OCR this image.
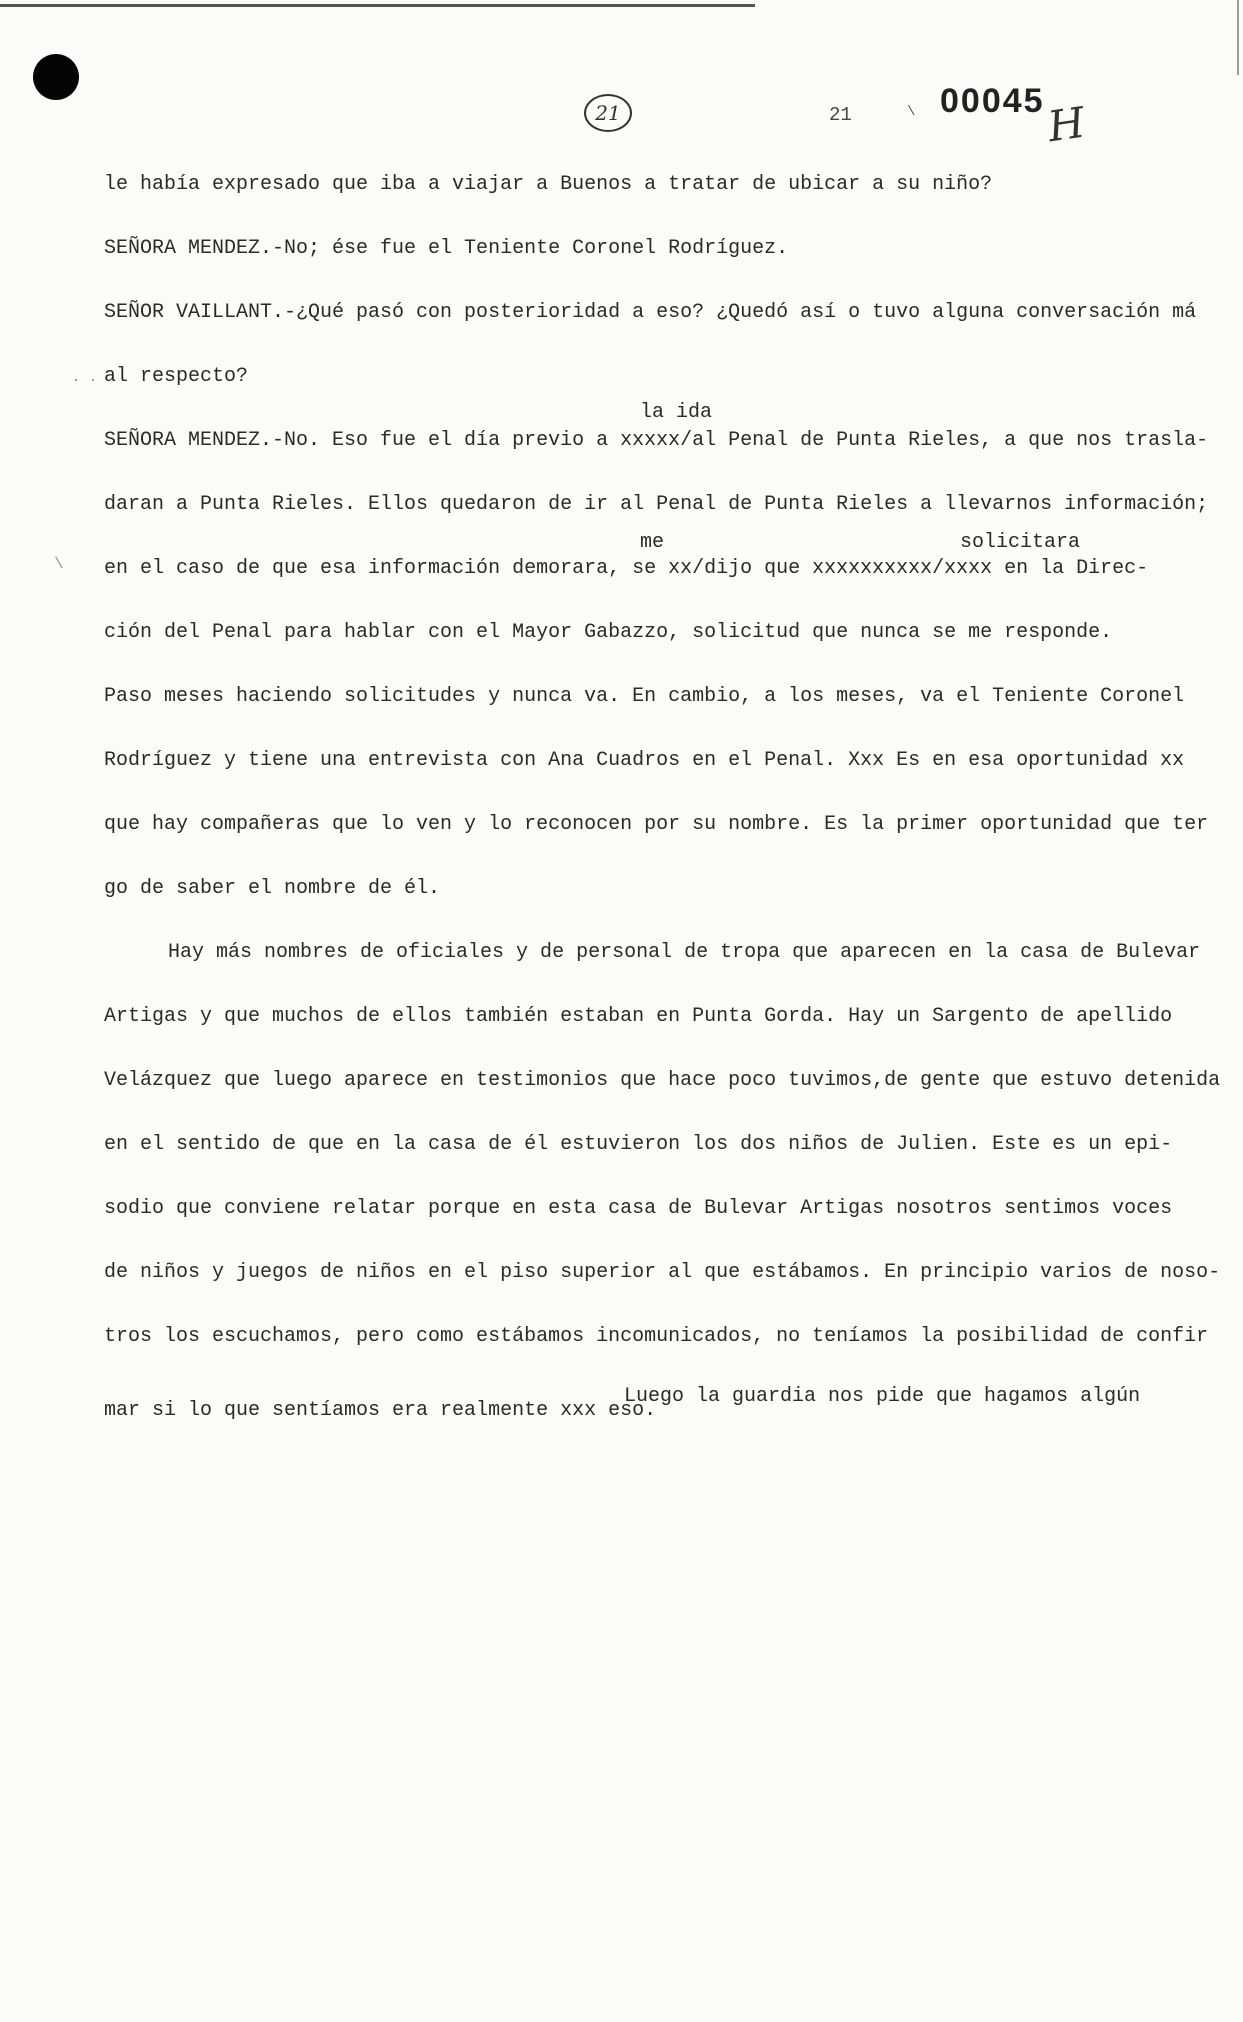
21	21	\ 00045 H
. .
\
le había expresado que iba a viajar a Buenos a tratar de ubicar a su niño?
SEÑORA MENDEZ.-No; ése fue el Teniente Coronel Rodríguez.
SEÑOR VAILLANT.-¿Qué pasó con posterioridad a eso? ¿Quedó así o tuvo alguna conversación má
al respecto?
la ida
SEÑORA MENDEZ.-No. Eso fue el día previo a xxxxx/al Penal de Punta Rieles, a que nos trasla-
daran a Punta Rieles. Ellos quedaron de ir al Penal de Punta Rieles a llevarnos información;
me	solicitara
en el caso de que esa información demorara, se xx/dijo que xxxxxxxxxx/xxxx en la Direc-
ción del Penal para hablar con el Mayor Gabazzo, solicitud que nunca se me responde.
Paso meses haciendo solicitudes y nunca va. En cambio, a los meses, va el Teniente Coronel
Rodríguez y tiene una entrevista con Ana Cuadros en el Penal. Xxx Es en esa oportunidad xx
que hay compañeras que lo ven y lo reconocen por su nombre. Es la primer oportunidad que ter
go de saber el nombre de él.
Hay más nombres de oficiales y de personal de tropa que aparecen en la casa de Bulevar
Artigas y que muchos de ellos también estaban en Punta Gorda. Hay un Sargento de apellido
Velázquez que luego aparece en testimonios que hace poco tuvimos,de gente que estuvo detenida
en el sentido de que en la casa de él estuvieron los dos niños de Julien. Este es un epi-
sodio que conviene relatar porque en esta casa de Bulevar Artigas nosotros sentimos voces
de niños y juegos de niños en el piso superior al que estábamos. En principio varios de noso-
tros los escuchamos, pero como estábamos incomunicados, no teníamos la posibilidad de confir
mar si lo que sentíamos era realmente xxx eso.
Luego la guardia nos pide que hagamos algún
